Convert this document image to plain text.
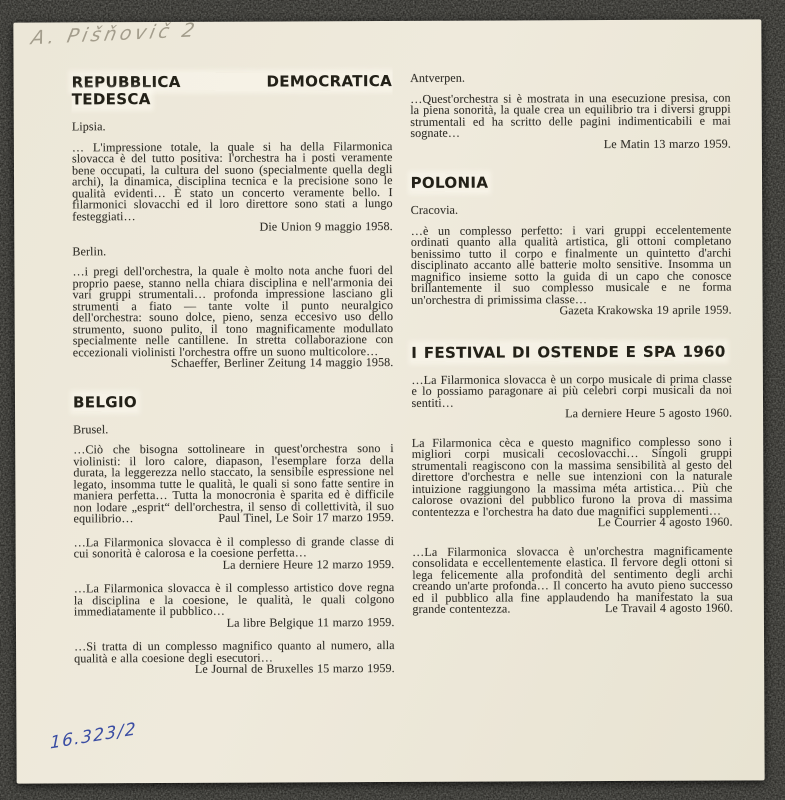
A. Pišňovič 2
REPUBBLICA DEMOCRATICA TEDESCA

Lipsia.

… L'impressione totale, la quale si ha della Filarmonica slovacca è del tutto positiva: l'orchestra ha i posti veramente bene occupati, la cultura del suono (specialmente quella degli archi), la dinamica, disciplina tecnica e la precisione sono le qualità evidenti… È stato un concerto veramente bello. I filarmonici slovacchi ed il loro direttore sono stati a lungo festeggiati…

Die Union 9 maggio 1958.

Berlin.

…i pregi dell'orchestra, la quale è molto nota anche fuori del proprio paese, stanno nella chiara disciplina e nell'armonia dei vari gruppi strumentali… profonda impressione lasciano gli strumenti a fiato — tante volte il punto neuralgico dell'orchestra: souno dolce, pieno, senza eccesivo uso dello strumento, suono pulito, il tono magnificamente modullato specialmente nelle cantillene. In stretta collaborazione con eccezionali violinisti l'orchestra offre un suono multicolore…

Schaeffer, Berliner Zeitung 14 maggio 1958.
BELGIO

Brusel.

…Ciò che bisogna sottolineare in quest'orchestra sono i violinisti: il loro calore, diapason, l'esemplare forza della durata, la leggerezza nello staccato, la sensibile espressione nel legato, insomma tutte le qualità, le quali si sono fatte sentire in maniera perfetta… Tutta la monocronia è sparita ed è difficile non lodare „esprit“ dell'orchestra, il senso di collettività, il suo equilibrio…	Paul Tinel, Le Soir 17 marzo 1959.

…La Filarmonica slovacca è il complesso di grande classe di cui sonorità è calorosa e la coesione perfetta…

La derniere Heure 12 marzo 1959.

…La Filarmonica slovacca è il complesso artistico dove regna la disciplina e la coesione, le qualità, le quali colgono immediatamente il pubblico…

La libre Belgique 11 marzo 1959.

…Si tratta di un complesso magnifico quanto al numero, alla qualità e alla coesione degli esecutori…

Le Journal de Bruxelles 15 marzo 1959.

Antverpen.

…Quest'orchestra si è mostrata in una esecuzione presisa, con la piena sonorità, la quale crea un equilibrio tra i diversi gruppi strumentali ed ha scritto delle pagini indimenticabili e mai sognate…

Le Matin 13 marzo 1959.
POLONIA

Cracovia.

…è un complesso perfetto: i vari gruppi eccelentemente ordinati quanto alla qualità artistica, gli ottoni completano benissimo tutto il corpo e finalmente un quintetto d'archi disciplinato accanto alle batterie molto sensitive. Insomma un magnifico insieme sotto la guida di un capo che conosce brillantemente il suo complesso musicale e ne forma un'orchestra di primissima classe…
Gazeta Krakowska 19 aprile 1959.

I FESTIVAL DI OSTENDE E SPA 1960

…La Filarmonica slovacca è un corpo musicale di prima classe e lo possiamo paragonare ai più celebri corpi musicali da noi sentiti…

La derniere Heure 5 agosto 1960.

La Filarmonica cèca e questo magnifico complesso sono i migliori corpi musicali cecoslovacchi… Singoli gruppi strumentali reagiscono con la massima sensibilità al gesto del direttore d'orchestra e nelle sue intenzioni con la naturale intuizione raggiungono la massima méta artistica… Più che calorose ovazioni del pubblico furono la prova di massima contentezza e l'orchestra ha dato due magnifici supplementi…

Le Courrier 4 agosto 1960.

…La Filarmonica slovacca è un'orchestra magnificamente consolidata e eccellentemente elastica. Il fervore degli ottoni si lega felicemente alla profondità del sentimento degli archi creando un'arte profonda… Il concerto ha avuto pieno successo ed il pubblico alla fine applaudendo ha manifestato la sua grande contentezza.	Le Travail 4 agosto 1960.

16.323/2
